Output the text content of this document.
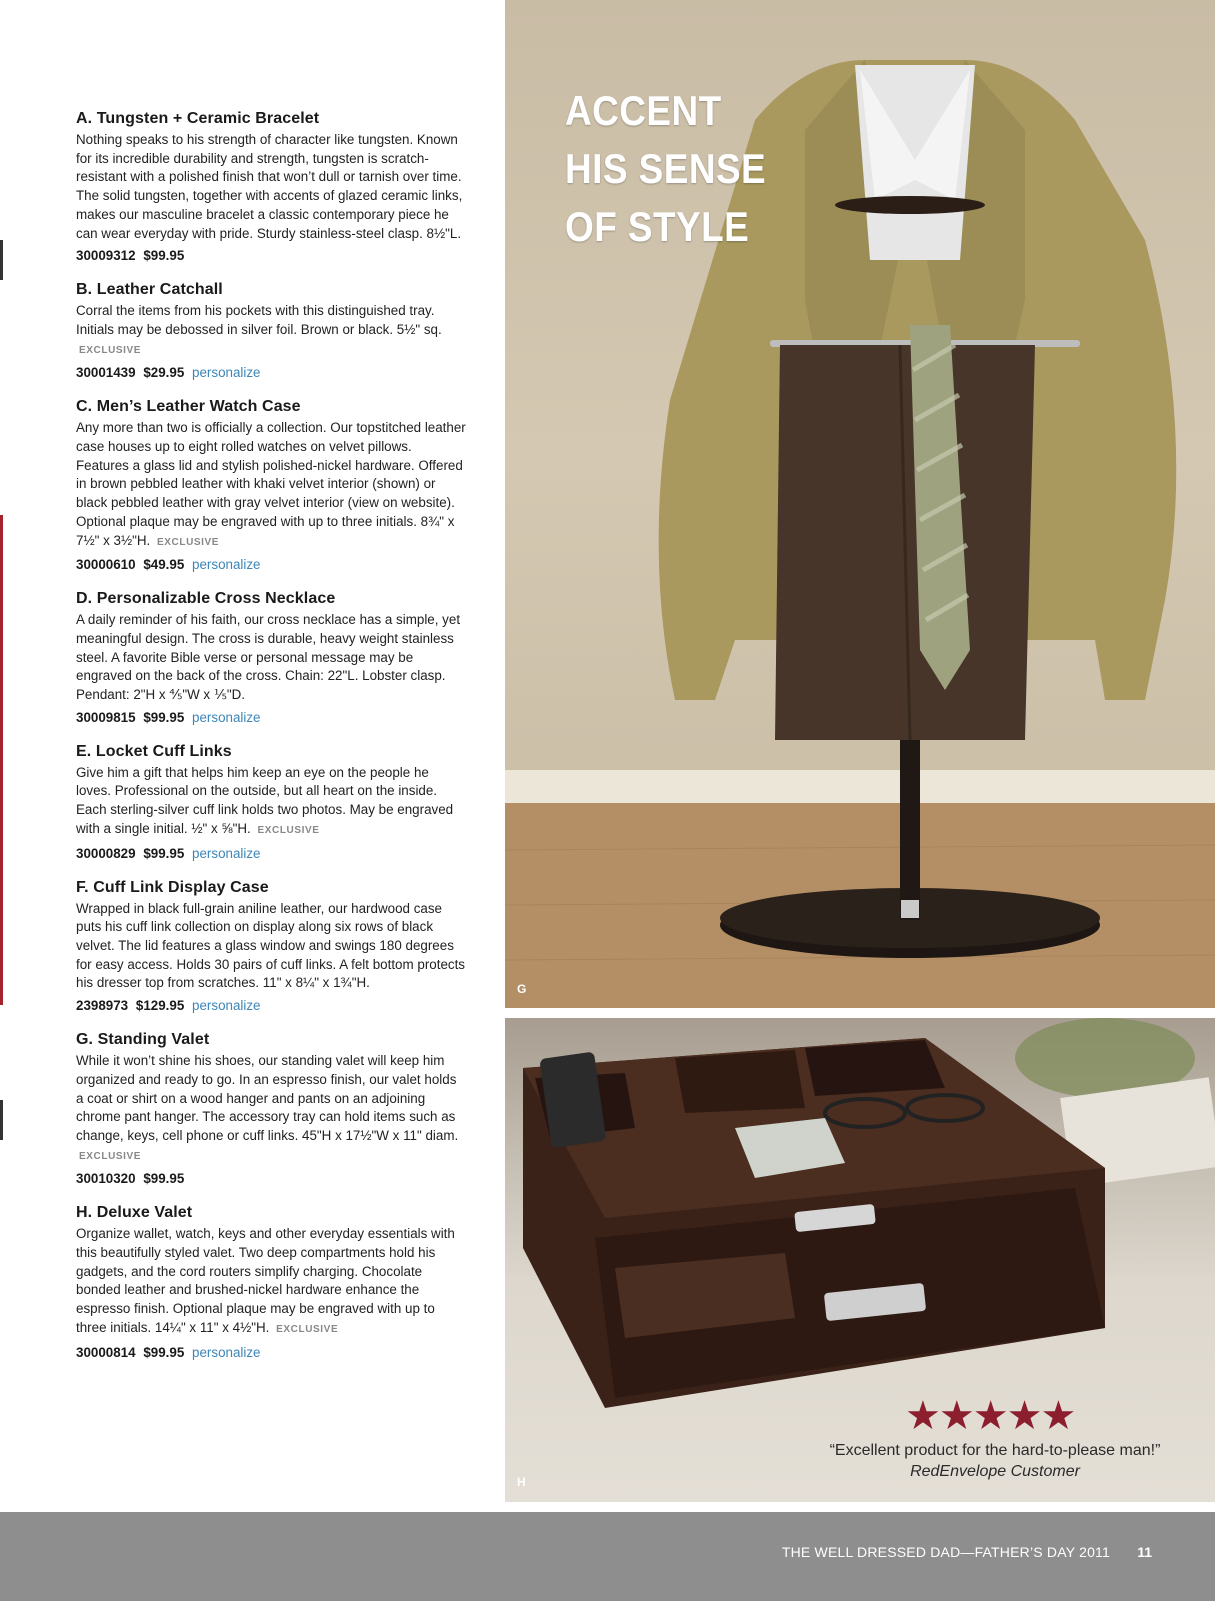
A. Tungsten + Ceramic Bracelet

Nothing speaks to his strength of character like tungsten. Known for its incredible durability and strength, tungsten is scratch-resistant with a polished finish that won’t dull or tarnish over time. The solid tungsten, together with accents of glazed ceramic links, makes our masculine bracelet a classic contemporary piece he can wear everyday with pride. Sturdy stainless-steel clasp. 8½"L.

30009312 $99.95
B. Leather Catchall

Corral the items from his pockets with this distinguished tray. Initials may be debossed in silver foil. Brown or black. 5½" sq. EXCLUSIVE

30001439 $29.95 personalize
C. Men’s Leather Watch Case

Any more than two is officially a collection. Our topstitched leather case houses up to eight rolled watches on velvet pillows. Features a glass lid and stylish polished-nickel hardware. Offered in brown pebbled leather with khaki velvet interior (shown) or black pebbled leather with gray velvet interior (view on website). Optional plaque may be engraved with up to three initials. 8¾" x 7½" x 3½"H. EXCLUSIVE

30000610 $49.95 personalize
D. Personalizable Cross Necklace

A daily reminder of his faith, our cross necklace has a simple, yet meaningful design. The cross is durable, heavy weight stainless steel. A favorite Bible verse or personal message may be engraved on the back of the cross. Chain: 22"L. Lobster clasp. Pendant: 2"H x ⅘"W x ⅕"D.

30009815 $99.95 personalize
E. Locket Cuff Links

Give him a gift that helps him keep an eye on the people he loves. Professional on the outside, but all heart on the inside. Each sterling-silver cuff link holds two photos. May be engraved with a single initial. ½" x ⅝"H. EXCLUSIVE

30000829 $99.95 personalize
F. Cuff Link Display Case

Wrapped in black full-grain aniline leather, our hardwood case puts his cuff link collection on display along six rows of black velvet. The lid features a glass window and swings 180 degrees for easy access. Holds 30 pairs of cuff links. A felt bottom protects his dresser top from scratches. 11" x 8¼" x 1¾"H.

2398973 $129.95 personalize
G. Standing Valet

While it won’t shine his shoes, our standing valet will keep him organized and ready to go. In an espresso finish, our valet holds a coat or shirt on a wood hanger and pants on an adjoining chrome pant hanger. The accessory tray can hold items such as change, keys, cell phone or cuff links. 45"H x 17½"W x 11" diam. EXCLUSIVE

30010320 $99.95
H. Deluxe Valet

Organize wallet, watch, keys and other everyday essentials with this beautifully styled valet. Two deep compartments hold his gadgets, and the cord routers simplify charging. Chocolate bonded leather and brushed-nickel hardware enhance the espresso finish. Optional plaque may be engraved with up to three initials. 14¼" x 11" x 4½"H. EXCLUSIVE

30000814 $99.95 personalize
ACCENT
HIS SENSE
OF STYLE
G
★★★★★
“Excellent product for the hard-to-please man!”
RedEnvelope Customer
H
THE WELL DRESSED DAD—FATHER’S DAY 2011 11
